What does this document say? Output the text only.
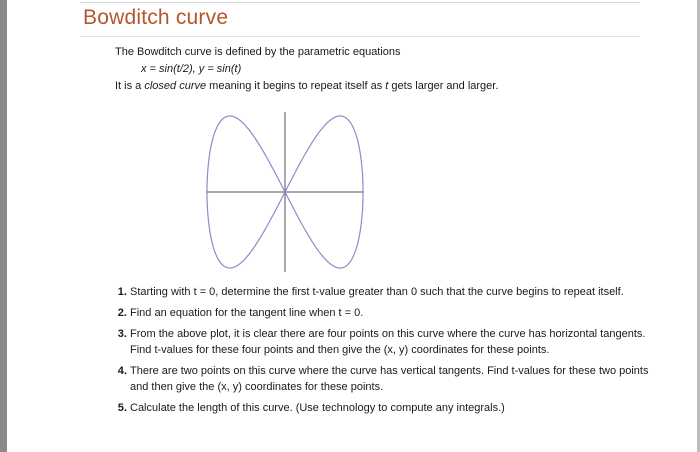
Bowditch curve
The Bowditch curve is defined by the parametric equations
x = sin(t/2), y = sin(t)
It is a closed curve meaning it begins to repeat itself as t gets larger and larger.
1. Starting with t = 0, determine the first t-value greater than 0 such that the curve begins to repeat itself.
2. Find an equation for the tangent line when t = 0.
3. From the above plot, it is clear there are four points on this curve where the curve has horizontal tangents. Find t-values for these four points and then give the (x, y) coordinates for these points.
4. There are two points on this curve where the curve has vertical tangents. Find t-values for these two points and then give the (x, y) coordinates for these points.
5. Calculate the length of this curve. (Use technology to compute any integrals.)
